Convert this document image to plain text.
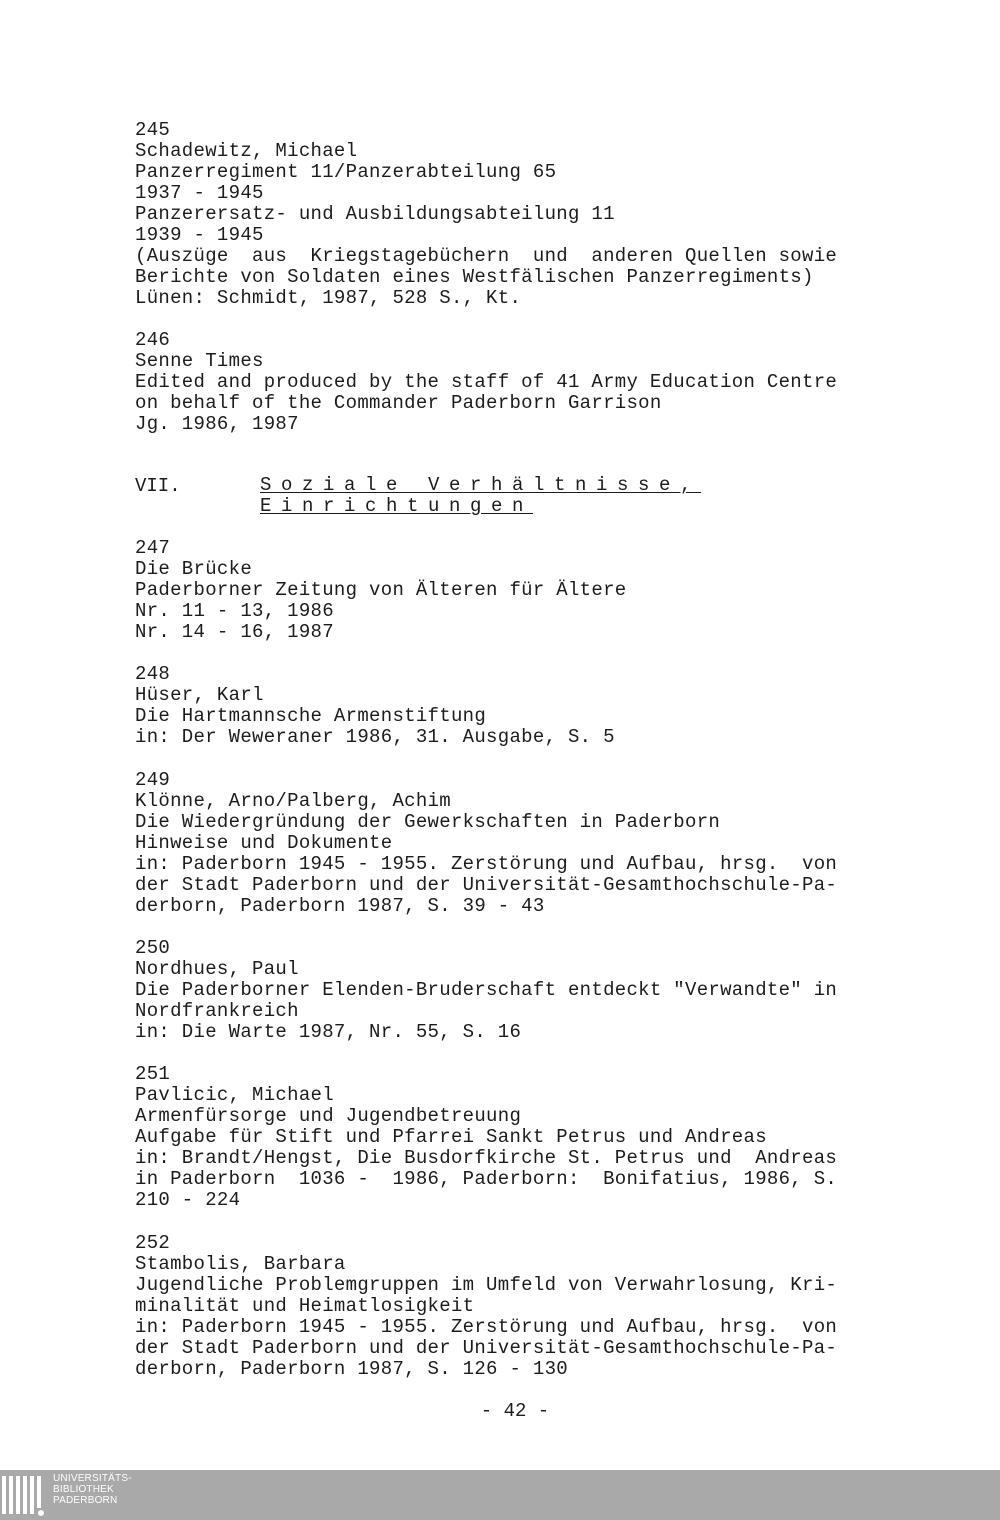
245
Schadewitz, Michael
Panzerregiment 11/Panzerabteilung 65
1937 - 1945
Panzerersatz- und Ausbildungsabteilung 11
1939 - 1945
(Auszüge  aus  Kriegstagebüchern  und  anderen Quellen sowie
Berichte von Soldaten eines Westfälischen Panzerregiments)
Lünen: Schmidt, 1987, 528 S., Kt.
246
Senne Times
Edited and produced by the staff of 41 Army Education Centre
on behalf of the Commander Paderborn Garrison
Jg. 1986, 1987
247
Die Brücke
Paderborner Zeitung von Älteren für Ältere
Nr. 11 - 13, 1986
Nr. 14 - 16, 1987
248
Hüser, Karl
Die Hartmannsche Armenstiftung
in: Der Weweraner 1986, 31. Ausgabe, S. 5
249
Klönne, Arno/Palberg, Achim
Die Wiedergründung der Gewerkschaften in Paderborn
Hinweise und Dokumente
in: Paderborn 1945 - 1955. Zerstörung und Aufbau, hrsg.  von
der Stadt Paderborn und der Universität-Gesamthochschule-Pa-
derborn, Paderborn 1987, S. 39 - 43
250
Nordhues, Paul
Die Paderborner Elenden-Bruderschaft entdeckt "Verwandte" in
Nordfrankreich
in: Die Warte 1987, Nr. 55, S. 16
251
Pavlicic, Michael
Armenfürsorge und Jugendbetreuung
Aufgabe für Stift und Pfarrei Sankt Petrus und Andreas
in: Brandt/Hengst, Die Busdorfkirche St. Petrus und  Andreas
in Paderborn  1036 -  1986, Paderborn:  Bonifatius, 1986, S.
210 - 224
252
Stambolis, Barbara
Jugendliche Problemgruppen im Umfeld von Verwahrlosung, Kri-
minalität und Heimatlosigkeit
in: Paderborn 1945 - 1955. Zerstörung und Aufbau, hrsg.  von
der Stadt Paderborn und der Universität-Gesamthochschule-Pa-
derborn, Paderborn 1987, S. 126 - 130
VII.	Soziale Verhältnisse,
Einrichtungen
- 42 -
UNIVERSITÄTS-
BIBLIOTHEK
PADERBORN
